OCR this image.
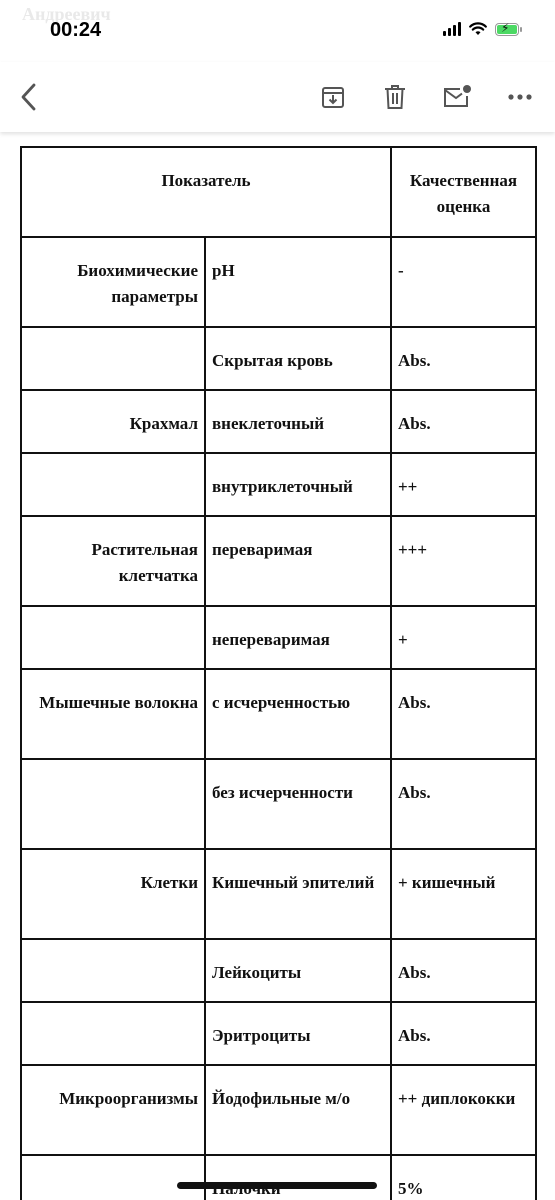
Андреевич
00:24	⚡
Показатель		Качественная оценка
Биохимические параметры	pH	-
	Скрытая кровь	Abs.
Крахмал	внеклеточный	Abs.
	внутриклеточный	++
Растительная клетчатка	переваримая	+++
	непереваримая	+
Мышечные волокна	с исчерченностью	Abs.
	без исчерченности	Abs.
Клетки	Кишечный эпителий	+ кишечный
	Лейкоциты	Abs.
	Эритроциты	Abs.
Микроорганизмы	Йодофильные м/о	++ диплококки
		5%
